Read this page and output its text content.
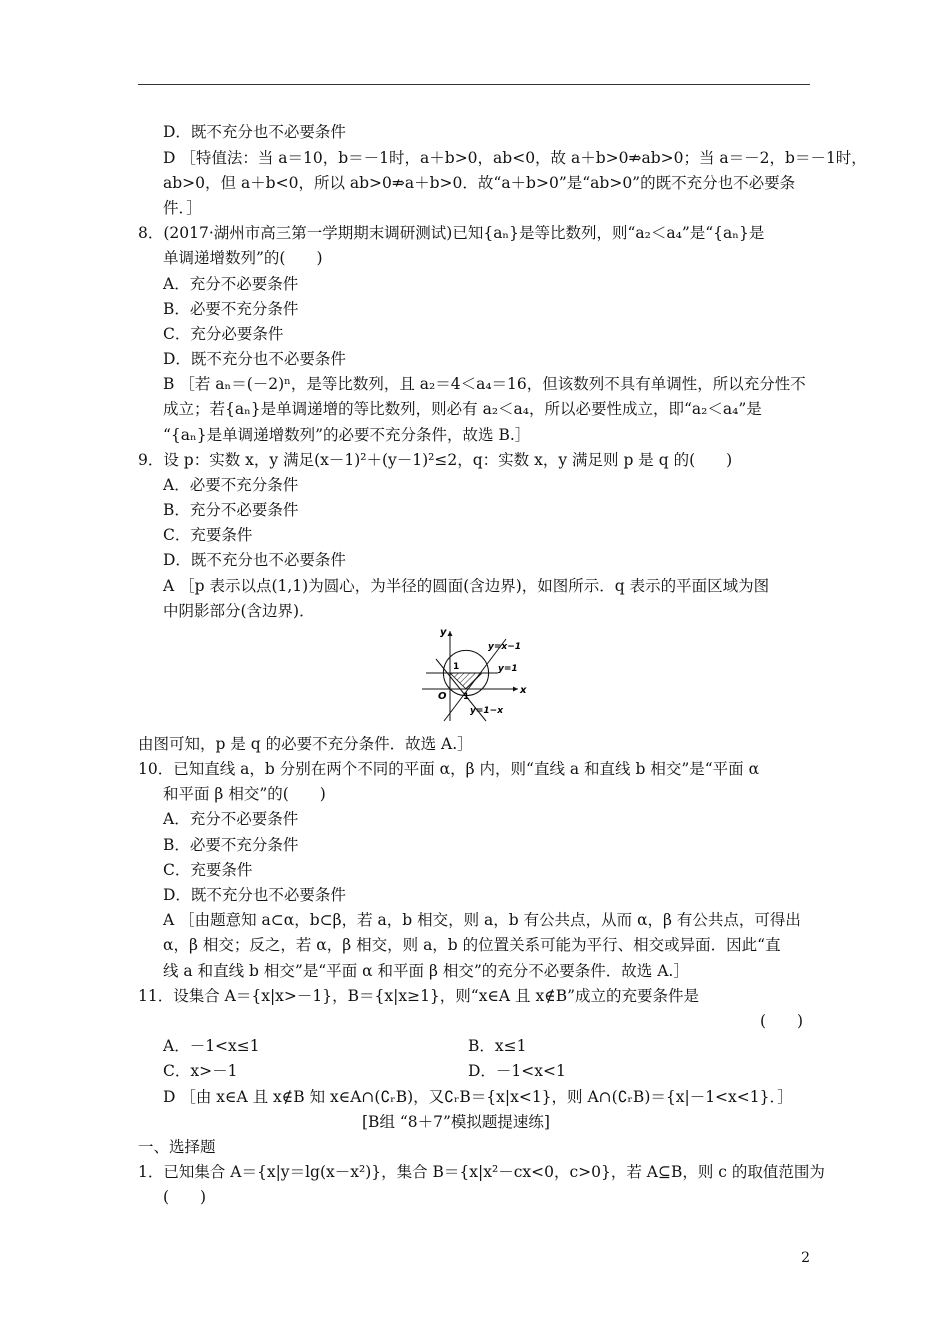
D．既不充分也不必要条件
D ［特值法：当 a＝10，b＝－1时，a＋b>0，ab<0，故 a＋b>0⇏ab>0；当 a＝－2，b＝－1时，
ab>0，但 a＋b<0，所以 ab>0⇏a＋b>0．故“a＋b>0”是“ab>0”的既不充分也不必要条
件．］
8．(2017·湖州市高三第一学期期末调研测试)已知{aₙ}是等比数列，则“a₂＜a₄”是“{aₙ}是
单调递增数列”的(　　)
A．充分不必要条件
B．必要不充分条件
C．充分必要条件
D．既不充分也不必要条件
B ［若 aₙ＝(－2)ⁿ，是等比数列，且 a₂＝4＜a₄＝16，但该数列不具有单调性，所以充分性不
成立；若{aₙ}是单调递增的等比数列，则必有 a₂＜a₄，所以必要性成立，即“a₂＜a₄”是
“{aₙ}是单调递增数列”的必要不充分条件，故选 B.］
9．设 p：实数 x，y 满足(x－1)²＋(y－1)²≤2，q：实数 x，y 满足则 p 是 q 的(　　)
A．必要不充分条件
B．充分不必要条件
C．充要条件
D．既不充分也不必要条件
A ［p 表示以点(1,1)为圆心，为半径的圆面(含边界)，如图所示．q 表示的平面区域为图
中阴影部分(含边界)．
y
x
O
1
1
y=x−1
y=1
y=1−x
由图可知，p 是 q 的必要不充分条件．故选 A.］
10．已知直线 a，b 分别在两个不同的平面 α，β 内，则“直线 a 和直线 b 相交”是“平面 α
和平面 β 相交”的(　　)
A．充分不必要条件
B．必要不充分条件
C．充要条件
D．既不充分也不必要条件
A ［由题意知 a⊂α，b⊂β，若 a，b 相交，则 a，b 有公共点，从而 α，β 有公共点，可得出
α，β 相交；反之，若 α，β 相交，则 a，b 的位置关系可能为平行、相交或异面．因此“直
线 a 和直线 b 相交”是“平面 α 和平面 β 相交”的充分不必要条件．故选 A.］
11．设集合 A＝{x|x>－1}，B＝{x|x≥1}，则“x∈A 且 x∉B”成立的充要条件是
(　　)
A．－1<x≤1	B．x≤1
C．x>－1	D．－1<x<1
D ［由 x∈A 且 x∉B 知 x∈A∩(∁ᵣB)，又∁ᵣB＝{x|x<1}，则 A∩(∁ᵣB)＝{x|－1<x<1}．］
[B组 “8＋7”模拟题提速练]
一、选择题
1．已知集合 A＝{x|y＝lg(x－x²)}，集合 B＝{x|x²－cx<0，c>0}，若 A⊆B，则 c 的取值范围为
(　　)
2
